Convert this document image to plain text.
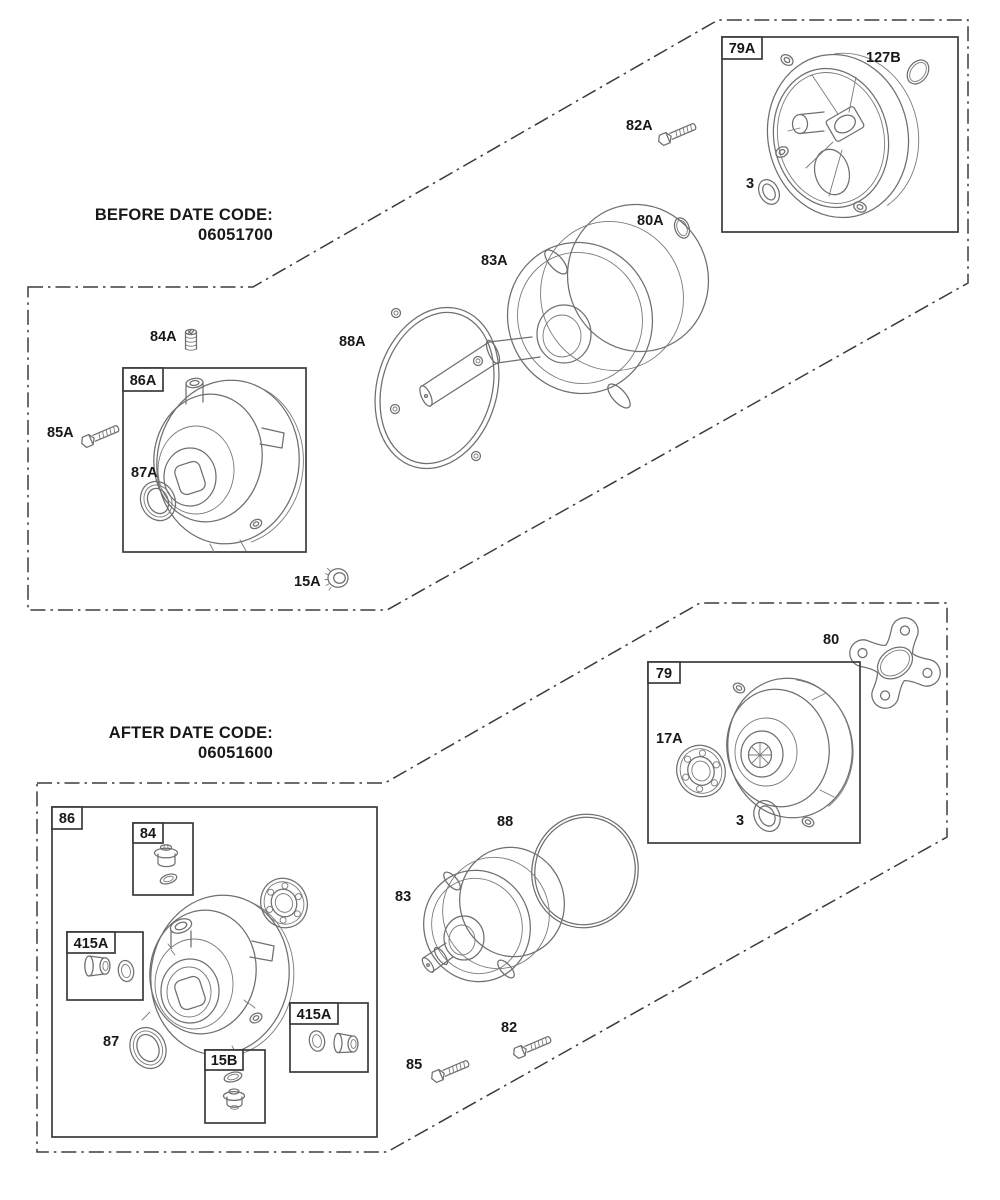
BEFORE DATE CODE:
06051700
AFTER DATE CODE:
06051600
79A
127B
82A
3
80A
83A
88A
84A
86A
85A
87A
15A
80
79
17A
3
88
83
82
85
84
415A
87
15B
415A
86
